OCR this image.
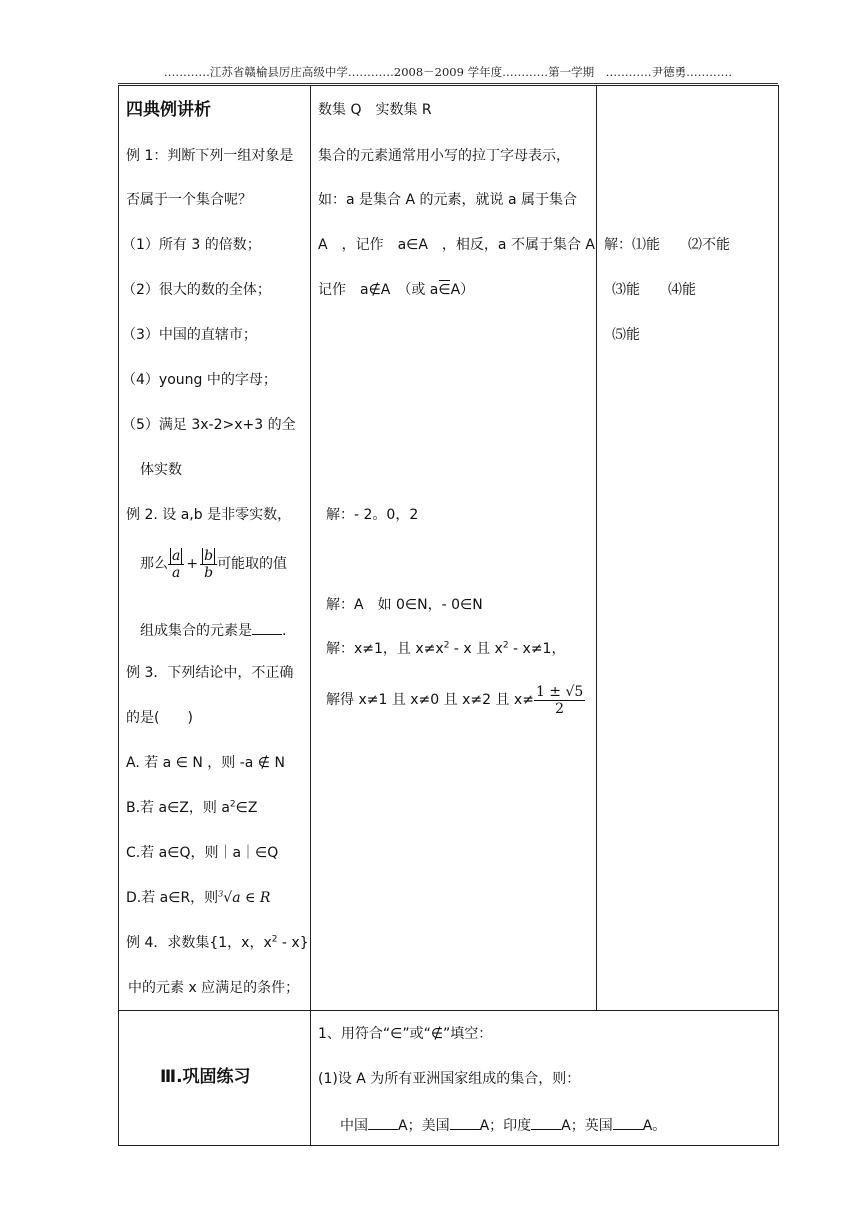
…………江苏省赣榆县厉庄高级中学…………2008－2009 学年度…………第一学期　…………尹德勇…………
四典例讲析
例 1：判断下列一组对象是
否属于一个集合呢？
（1）所有 3 的倍数；
（2）很大的数的全体；
（3）中国的直辖市；
（4）young 中的字母；
（5）满足 3x-2>x+3 的全
体实数
例 2. 设 a,b 是非零实数，
那么 $\frac{a}{a} + \frac{b}{b}$ 可能取的值
组成集合的元素是 .
例 3．下列结论中，不正确
的是(　　)
A. 若 a ∈ N ，则 -a ∉ N
B.若 a∈Z，则 $a^2\in Z$
C.若 a∈Q，则｜a｜∈Q
D.若 a∈R，则$^3$√a ∈ R
例 4．求数集{1，x，$x^2 - x$}
中的元素 x 应满足的条件；
Ⅲ.巩固练习
数集 Q　实数集 R
集合的元素通常用小写的拉丁字母表示，
如：a 是集合 A 的元素，就说 a 属于集合
A　，记作　a∈A　，相反，a 不属于集合 A
记作　a∉A　（或 a
∈A）
解：- 2。0，2
解：A　如 0∈N，- 0∈N
解：x≠1，且 $x\ne x^2 - x$ 且 $x^2 - x\ne 1$，
解得 x≠1 且 x≠0 且 x≠2 且 $x\ne \frac{1 \pm √5}{2}$
1、用符合“∈”或“∉”填空：
(1)设 A 为所有亚洲国家组成的集合，则：
中国 A；美国 A；印度 A；英国 A。
解：⑴能　　⑵不能
⑶能　　⑷能
⑸能
